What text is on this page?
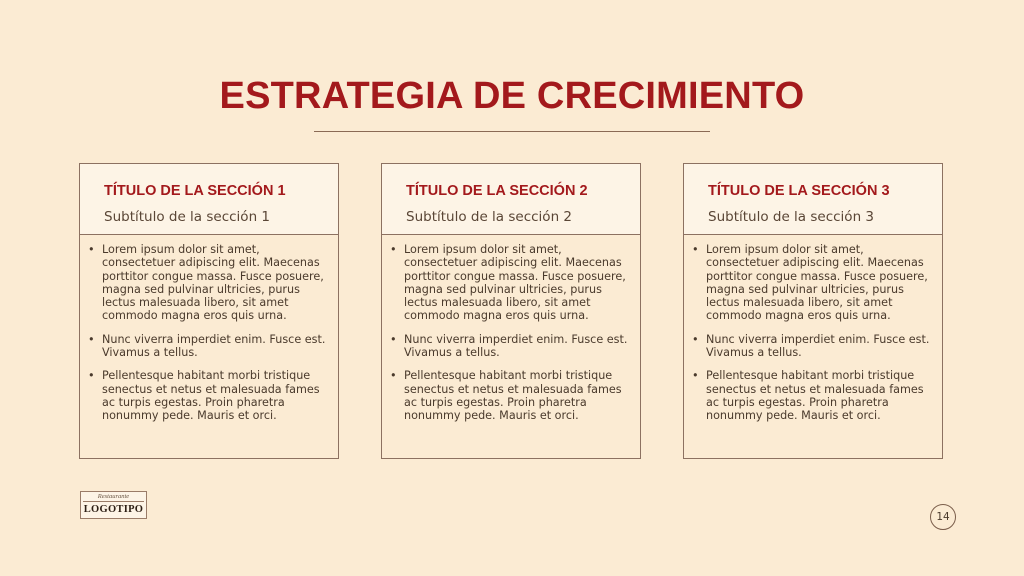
ESTRATEGIA DE CRECIMIENTO
TÍTULO DE LA SECCIÓN 1
Subtítulo de la sección 1
• Lorem ipsum dolor sit amet, consectetuer adipiscing elit. Maecenas porttitor congue massa. Fusce posuere, magna sed pulvinar ultricies, purus lectus malesuada libero, sit amet commodo magna eros quis urna.
• Nunc viverra imperdiet enim. Fusce est. Vivamus a tellus.
• Pellentesque habitant morbi tristique senectus et netus et malesuada fames ac turpis egestas. Proin pharetra nonummy pede. Mauris et orci.
TÍTULO DE LA SECCIÓN 2
Subtítulo de la sección 2
• Lorem ipsum dolor sit amet, consectetuer adipiscing elit. Maecenas porttitor congue massa. Fusce posuere, magna sed pulvinar ultricies, purus lectus malesuada libero, sit amet commodo magna eros quis urna.
• Nunc viverra imperdiet enim. Fusce est. Vivamus a tellus.
• Pellentesque habitant morbi tristique senectus et netus et malesuada fames ac turpis egestas. Proin pharetra nonummy pede. Mauris et orci.
TÍTULO DE LA SECCIÓN 3
Subtítulo de la sección 3
• Lorem ipsum dolor sit amet, consectetuer adipiscing elit. Maecenas porttitor congue massa. Fusce posuere, magna sed pulvinar ultricies, purus lectus malesuada libero, sit amet commodo magna eros quis urna.
• Nunc viverra imperdiet enim. Fusce est. Vivamus a tellus.
• Pellentesque habitant morbi tristique senectus et netus et malesuada fames ac turpis egestas. Proin pharetra nonummy pede. Mauris et orci.
Restaurante
LOGOTIPO
14
